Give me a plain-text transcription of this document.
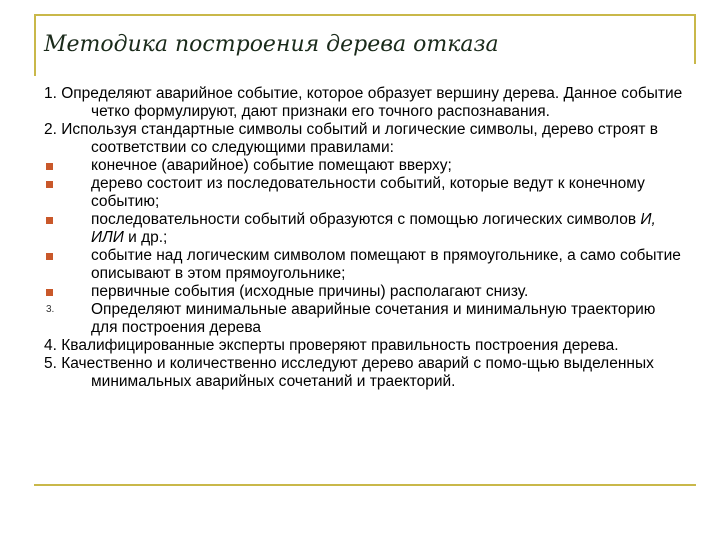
Методика построения дерева отказа

1. Определяют аварийное событие, которое образует вершину дерева. Данное событие четко формулируют, дают признаки его точного распознавания.

2. Используя стандартные символы событий и логические символы, дерево строят в соответствии со следующими правилами:

конечное (аварийное) событие помещают вверху;

дерево состоит из последовательности событий, которые ведут к конечному событию;

последовательности событий образуются с помощью логических символов И, ИЛИ и др.;

событие над логическим символом помещают в прямоугольнике, а само событие описывают в этом прямоугольнике;

первичные события (исходные причины) располагают снизу.

3. Определяют минимальные аварийные сочетания и минимальную траекторию для построения дерева

4. Квалифицированные эксперты проверяют правильность построения дерева.

5. Качественно и количественно исследуют дерево аварий с помо-щью выделенных минимальных аварийных сочетаний и траекторий.
